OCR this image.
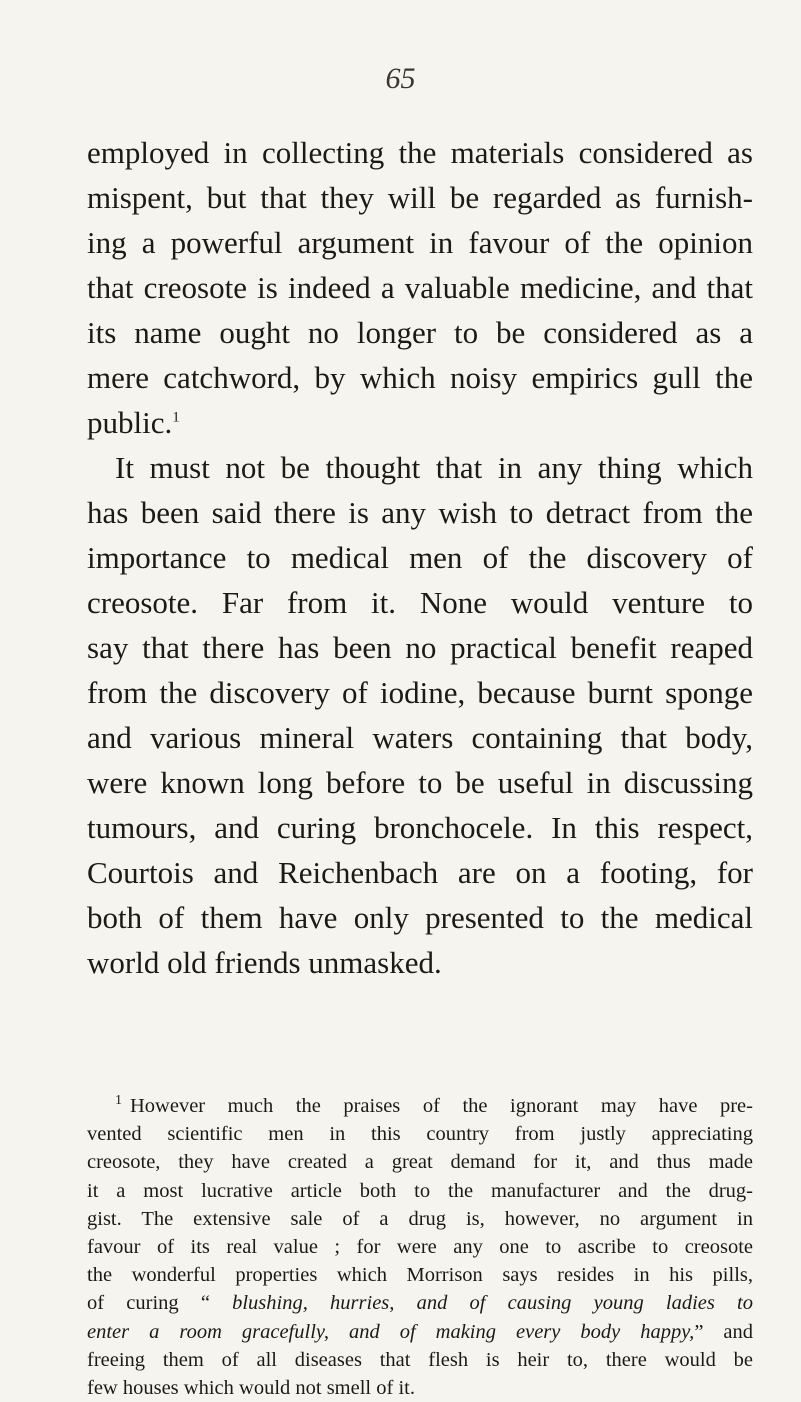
65
employed in collecting the materials considered as
mispent, but that they will be regarded as furnish-
ing a powerful argument in favour of the opinion
that creosote is indeed a valuable medicine, and that
its name ought no longer to be considered as a
mere catchword, by which noisy empirics gull the
public.$^1$
It must not be thought that in any thing which
has been said there is any wish to detract from the
importance to medical men of the discovery of
creosote. Far from it. None would venture to
say that there has been no practical benefit reaped
from the discovery of iodine, because burnt sponge
and various mineral waters containing that body,
were known long before to be useful in discussing
tumours, and curing bronchocele. In this respect,
Courtois and Reichenbach are on a footing, for
both of them have only presented to the medical
world old friends unmasked.
$^1$ However much the praises of the ignorant may have pre-
vented scientific men in this country from justly appreciating
creosote, they have created a great demand for it, and thus made
it a most lucrative article both to the manufacturer and the drug-
gist. The extensive sale of a drug is, however, no argument in
favour of its real value ; for were any one to ascribe to creosote
the wonderful properties which Morrison says resides in his pills,
of curing “ blushing, hurries, and of causing young ladies to
enter a room gracefully, and of making every body happy,” and
freeing them of all diseases that flesh is heir to, there would be
few houses which would not smell of it.
